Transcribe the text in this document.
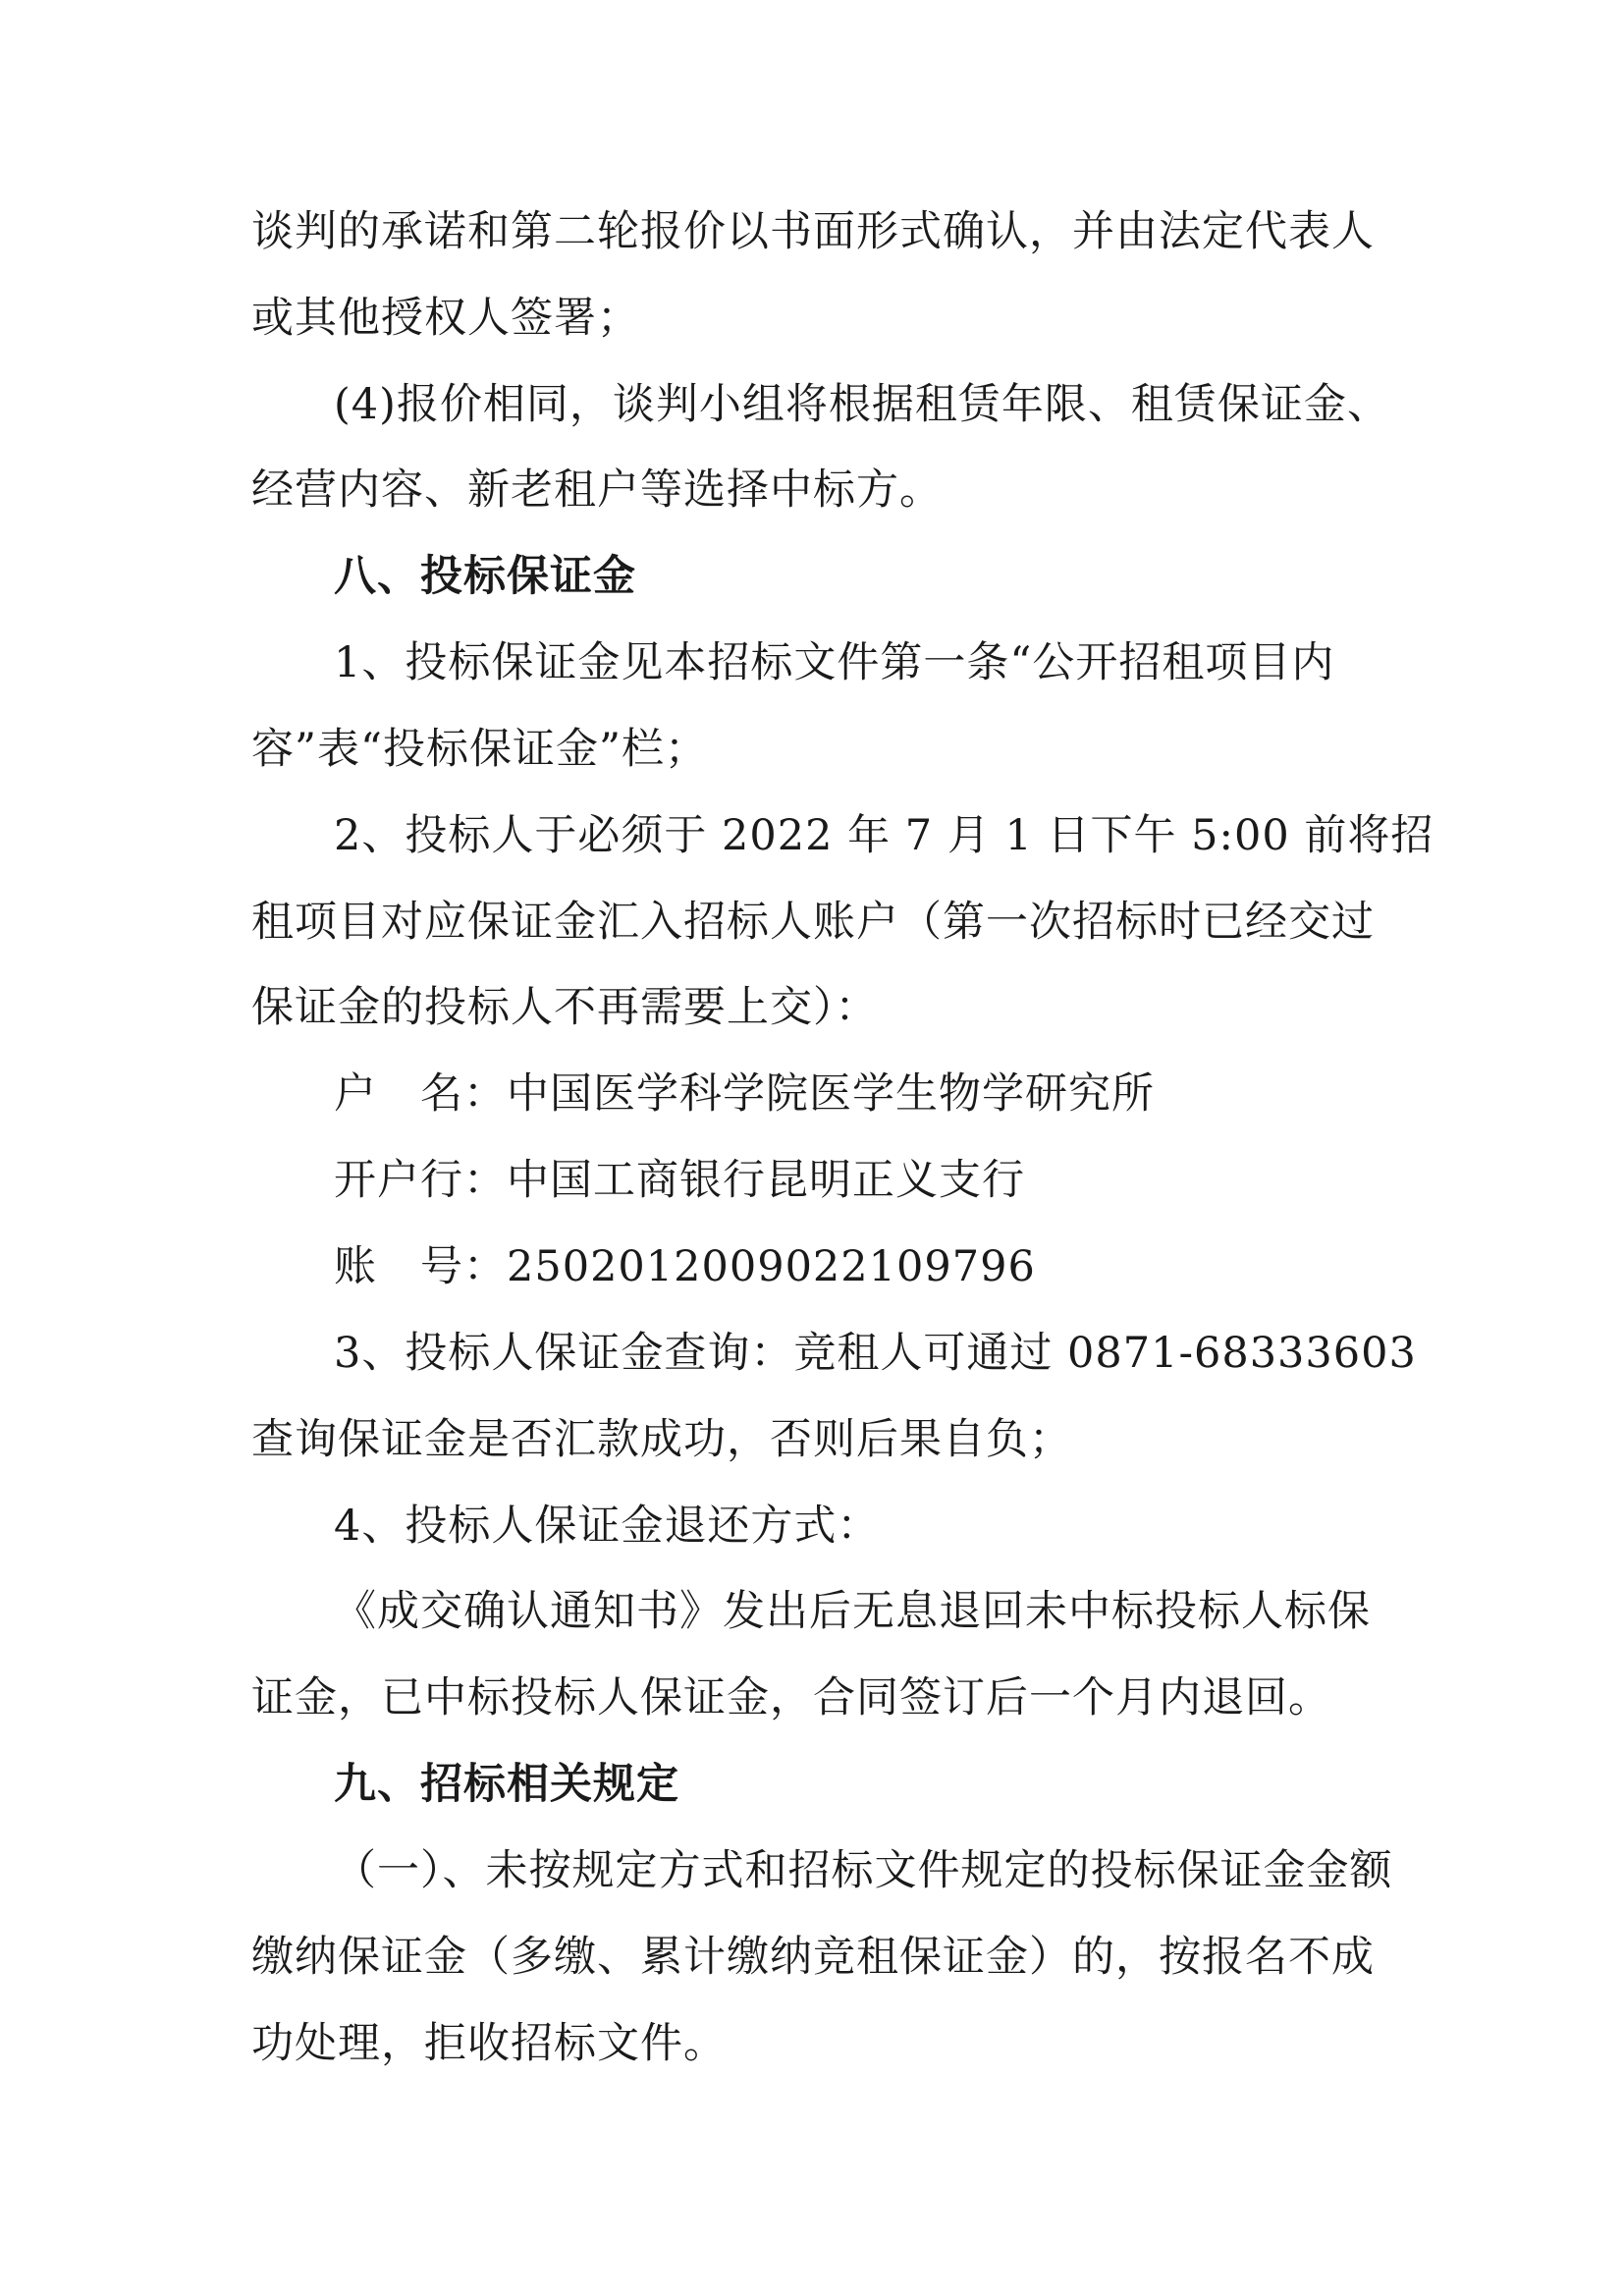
谈判的承诺和第二轮报价以书面形式确认，并由法定代表人
或其他授权人签署；
(4)报价相同，谈判小组将根据租赁年限、租赁保证金、
经营内容、新老租户等选择中标方。
八、投标保证金
1、投标保证金见本招标文件第一条“公开招租项目内
容”表“投标保证金”栏；
2、投标人于必须于 2022 年 7 月 1 日下午 5:00 前将招
租项目对应保证金汇入招标人账户（第一次招标时已经交过
保证金的投标人不再需要上交）：
户　名：中国医学科学院医学生物学研究所
开户行：中国工商银行昆明正义支行
账　号：2502012009022109796
3、投标人保证金查询：竞租人可通过 0871-68333603
查询保证金是否汇款成功，否则后果自负；
4、投标人保证金退还方式：
《成交确认通知书》发出后无息退回未中标投标人标保
证金，已中标投标人保证金，合同签订后一个月内退回。
九、招标相关规定
（一）、未按规定方式和招标文件规定的投标保证金金额
缴纳保证金（多缴、累计缴纳竞租保证金）的，按报名不成
功处理，拒收招标文件。
